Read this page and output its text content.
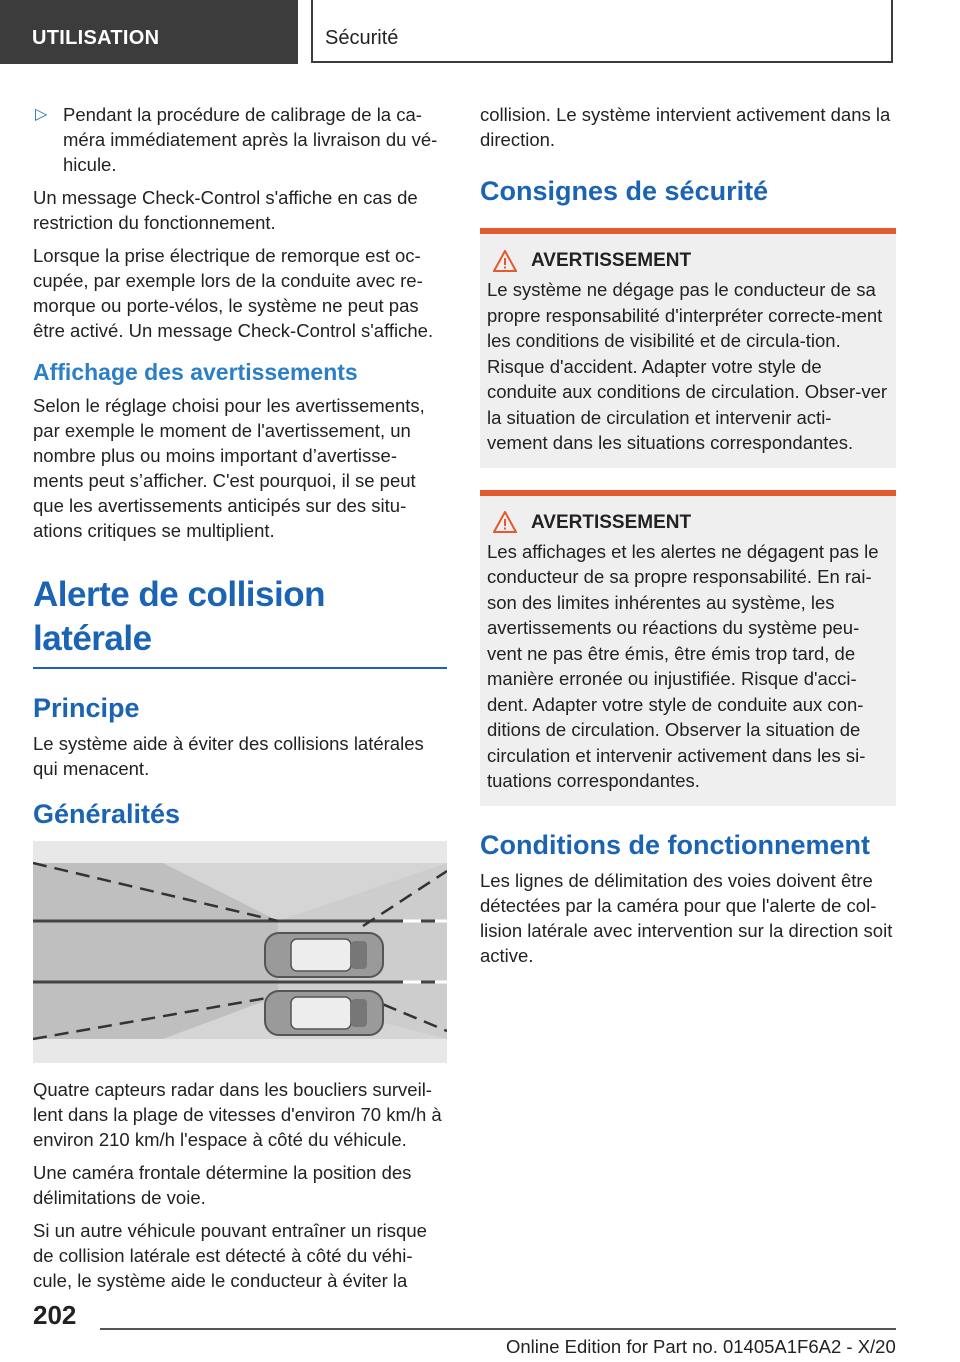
UTILISATION	Sécurité
▷ Pendant la procédure de calibrage de la ca-méra immédiatement après la livraison du vé-hicule.

Un message Check-Control s'affiche en cas de restriction du fonctionnement.

Lorsque la prise électrique de remorque est oc-cupée, par exemple lors de la conduite avec re-morque ou porte-vélos, le système ne peut pas être activé. Un message Check-Control s'affiche.

Affichage des avertissements

Selon le réglage choisi pour les avertissements, par exemple le moment de l'avertissement, un nombre plus ou moins important d’avertisse-ments peut s’afficher. C'est pourquoi, il se peut que les avertissements anticipés sur des situ-ations critiques se multiplient.

Alerte de collision latérale
Principe

Le système aide à éviter des collisions latérales qui menacent.

Généralités

Quatre capteurs radar dans les boucliers surveil-lent dans la plage de vitesses d'environ 70 km/h à environ 210 km/h l'espace à côté du véhicule.

Une caméra frontale détermine la position des délimitations de voie.

Si un autre véhicule pouvant entraîner un risque de collision latérale est détecté à côté du véhi-cule, le système aide le conducteur à éviter la

collision. Le système intervient activement dans la direction.

Consignes de sécurité
AVERTISSEMENT
Le système ne dégage pas le conducteur de sa propre responsabilité d'interpréter correcte-ment les conditions de visibilité et de circula-tion. Risque d'accident. Adapter votre style de conduite aux conditions de circulation. Obser-ver la situation de circulation et intervenir acti-vement dans les situations correspondantes.
AVERTISSEMENT
Les affichages et les alertes ne dégagent pas le conducteur de sa propre responsabilité. En rai-son des limites inhérentes au système, les avertissements ou réactions du système peu-vent ne pas être émis, être émis trop tard, de manière erronée ou injustifiée. Risque d'acci-dent. Adapter votre style de conduite aux con-ditions de circulation. Observer la situation de circulation et intervenir activement dans les si-tuations correspondantes.
Conditions de fonctionnement

Les lignes de délimitation des voies doivent être détectées par la caméra pour que l'alerte de col-lision latérale avec intervention sur la direction soit active.

202
Online Edition for Part no. 01405A1F6A2 - X/20
